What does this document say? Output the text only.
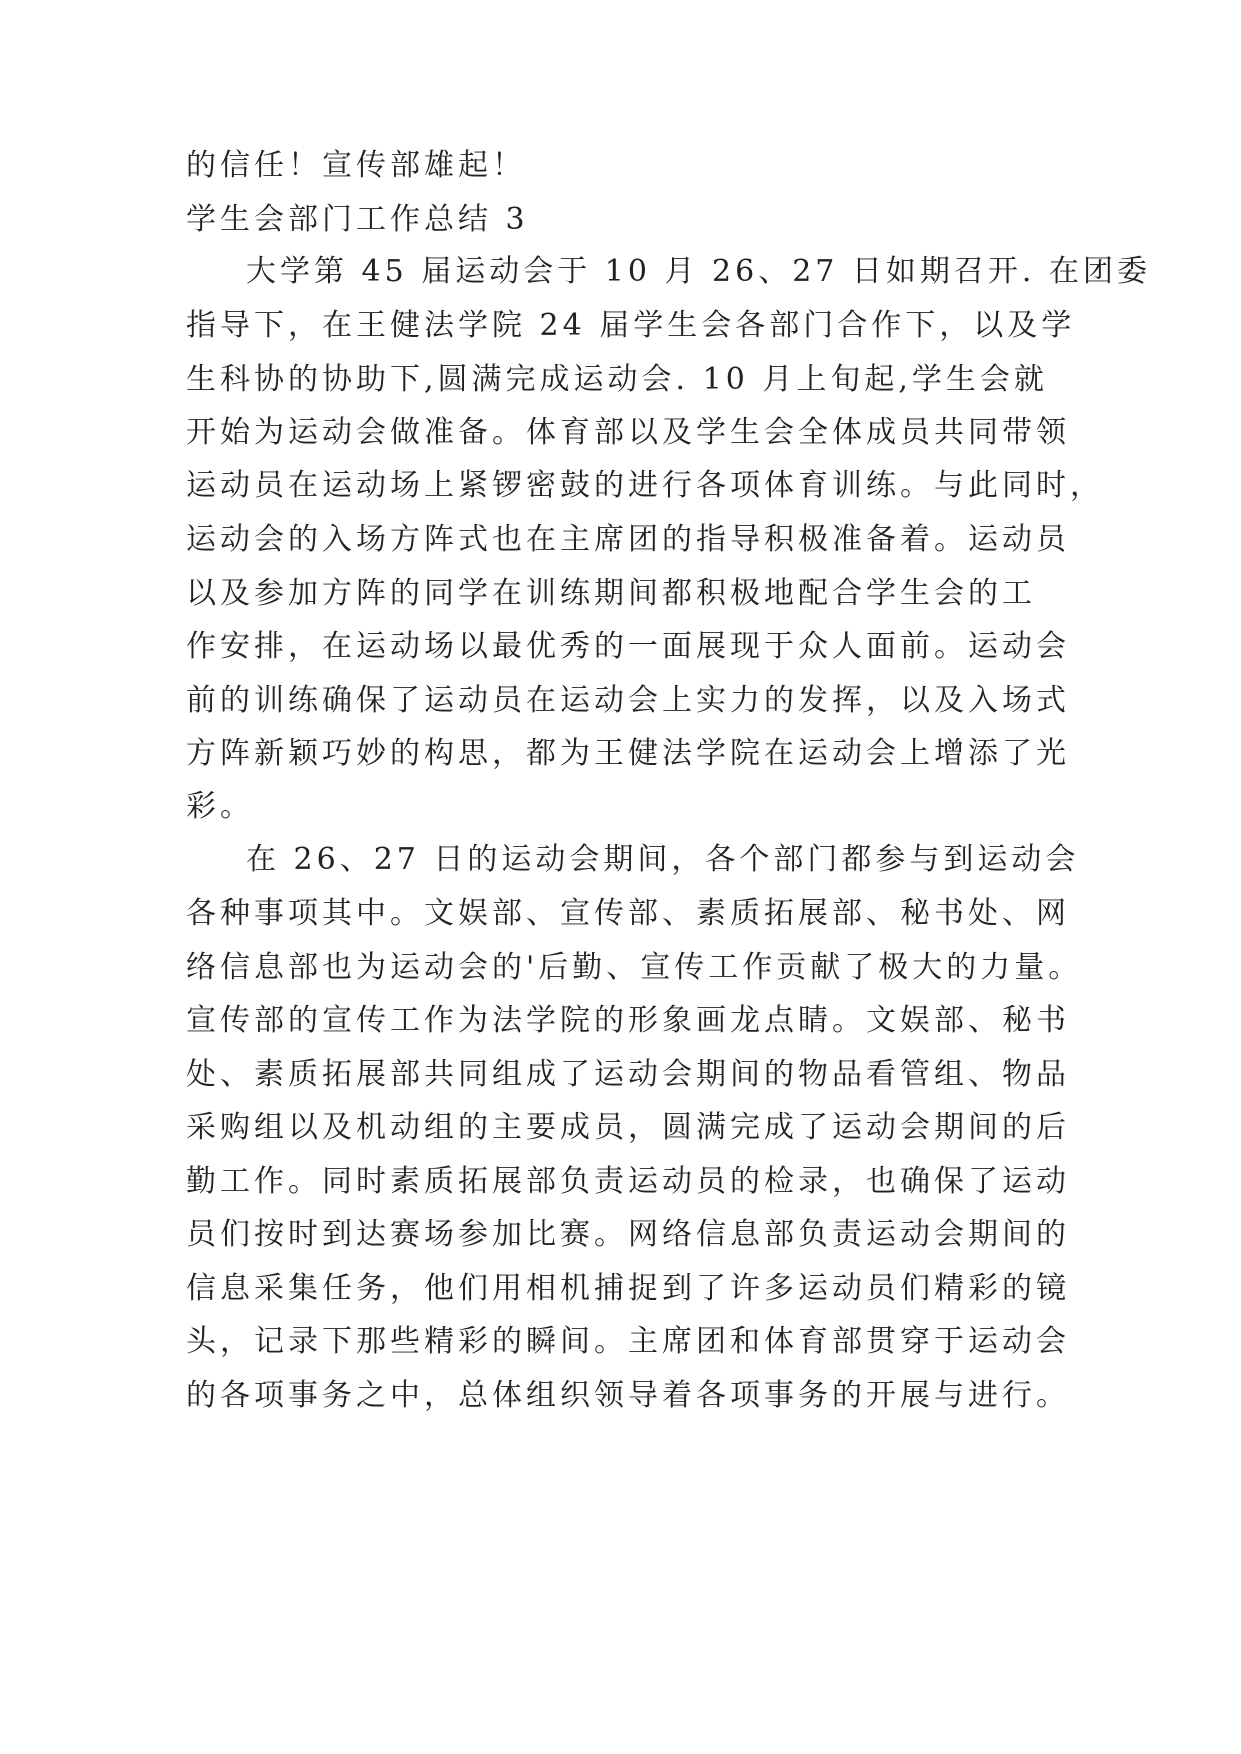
的信任！宣传部雄起！
学生会部门工作总结 3
大学第 45 届运动会于 10 月 26、27 日如期召开. 在团委
指导下，在王健法学院 24 届学生会各部门合作下，以及学
生科协的协助下,圆满完成运动会. 10 月上旬起,学生会就
开始为运动会做准备。体育部以及学生会全体成员共同带领
运动员在运动场上紧锣密鼓的进行各项体育训练。与此同时，
运动会的入场方阵式也在主席团的指导积极准备着。运动员
以及参加方阵的同学在训练期间都积极地配合学生会的工
作安排，在运动场以最优秀的一面展现于众人面前。运动会
前的训练确保了运动员在运动会上实力的发挥，以及入场式
方阵新颖巧妙的构思，都为王健法学院在运动会上增添了光
彩。
在 26、27 日的运动会期间，各个部门都参与到运动会
各种事项其中。文娱部、宣传部、素质拓展部、秘书处、网
络信息部也为运动会的'后勤、宣传工作贡献了极大的力量。
宣传部的宣传工作为法学院的形象画龙点睛。文娱部、秘书
处、素质拓展部共同组成了运动会期间的物品看管组、物品
采购组以及机动组的主要成员，圆满完成了运动会期间的后
勤工作。同时素质拓展部负责运动员的检录，也确保了运动
员们按时到达赛场参加比赛。网络信息部负责运动会期间的
信息采集任务，他们用相机捕捉到了许多运动员们精彩的镜
头，记录下那些精彩的瞬间。主席团和体育部贯穿于运动会
的各项事务之中，总体组织领导着各项事务的开展与进行。
